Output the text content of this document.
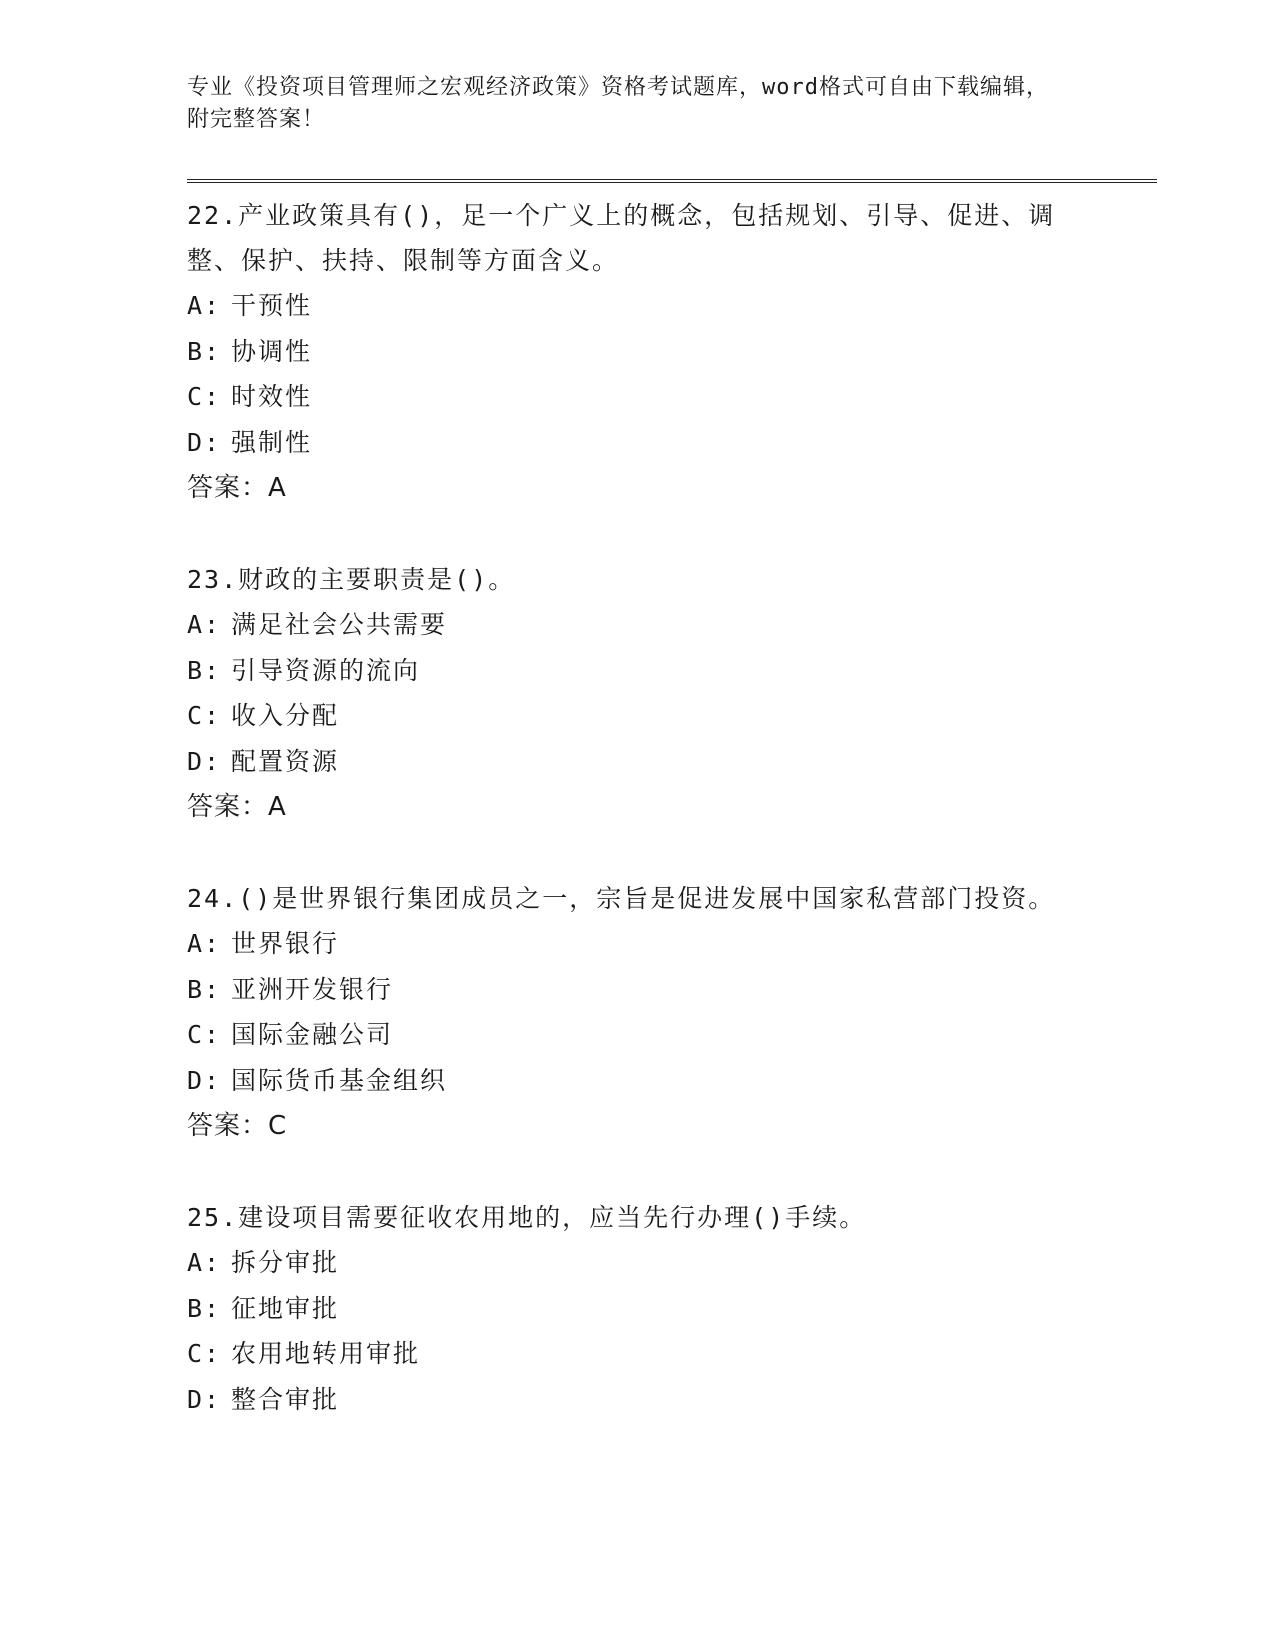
专业《投资项目管理师之宏观经济政策》资格考试题库，word格式可自由下载编辑，附完整答案！

22.产业政策具有()，足一个广义上的概念，包括规划、引导、促进、调整、保护、扶持、限制等方面含义。

A: 干预性

B: 协调性

C: 时效性

D: 强制性

答案：A

23.财政的主要职责是()。

A: 满足社会公共需要

B: 引导资源的流向

C: 收入分配

D: 配置资源

答案：A

24.()是世界银行集团成员之一，宗旨是促进发展中国家私营部门投资。

A: 世界银行

B: 亚洲开发银行

C: 国际金融公司

D: 国际货币基金组织

答案：C

25.建设项目需要征收农用地的，应当先行办理()手续。

A: 拆分审批

B: 征地审批

C: 农用地转用审批

D: 整合审批
